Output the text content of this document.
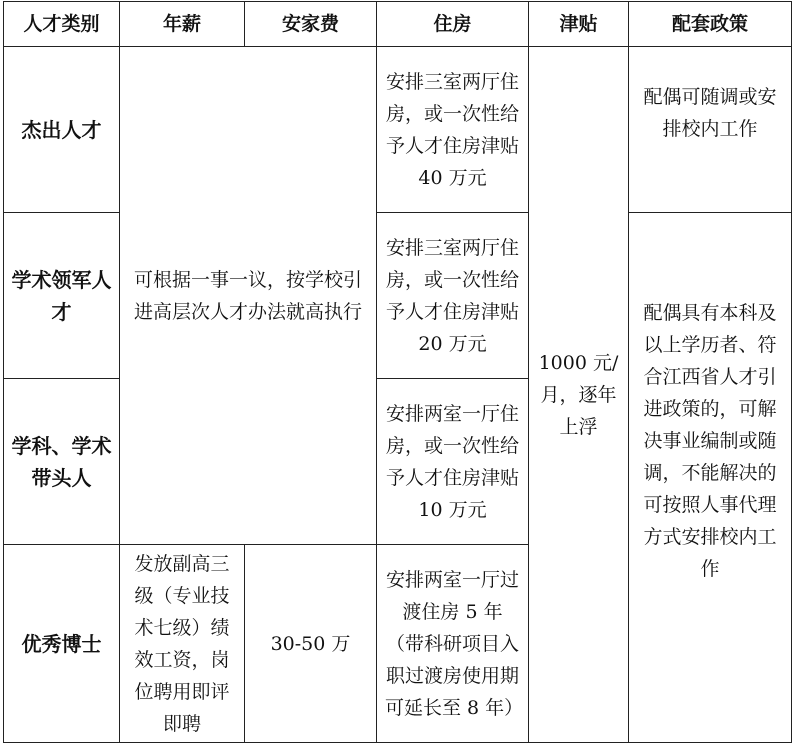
人才类别	年薪	安家费	住房	津贴	配套政策
杰出人才	可根据一事一议，按学校引进高层次人才办法就高执行		安排三室两厅住房，或一次性给予人才住房津贴 40 万元	1000 元/月，逐年上浮	配偶可随调或安排校内工作
学术领军人才			安排三室两厅住房，或一次性给予人才住房津贴 20 万元		配偶具有本科及以上学历者、符合江西省人才引进政策的，可解决事业编制或随调，不能解决的可按照人事代理方式安排校内工作
学科、学术带头人			安排两室一厅住房，或一次性给予人才住房津贴 10 万元		
优秀博士	发放副高三级（专业技术七级）绩效工资，岗位聘用即评即聘	30-50 万	安排两室一厅过渡住房 5 年（带科研项目入职过渡房使用期可延长至 8 年）		
